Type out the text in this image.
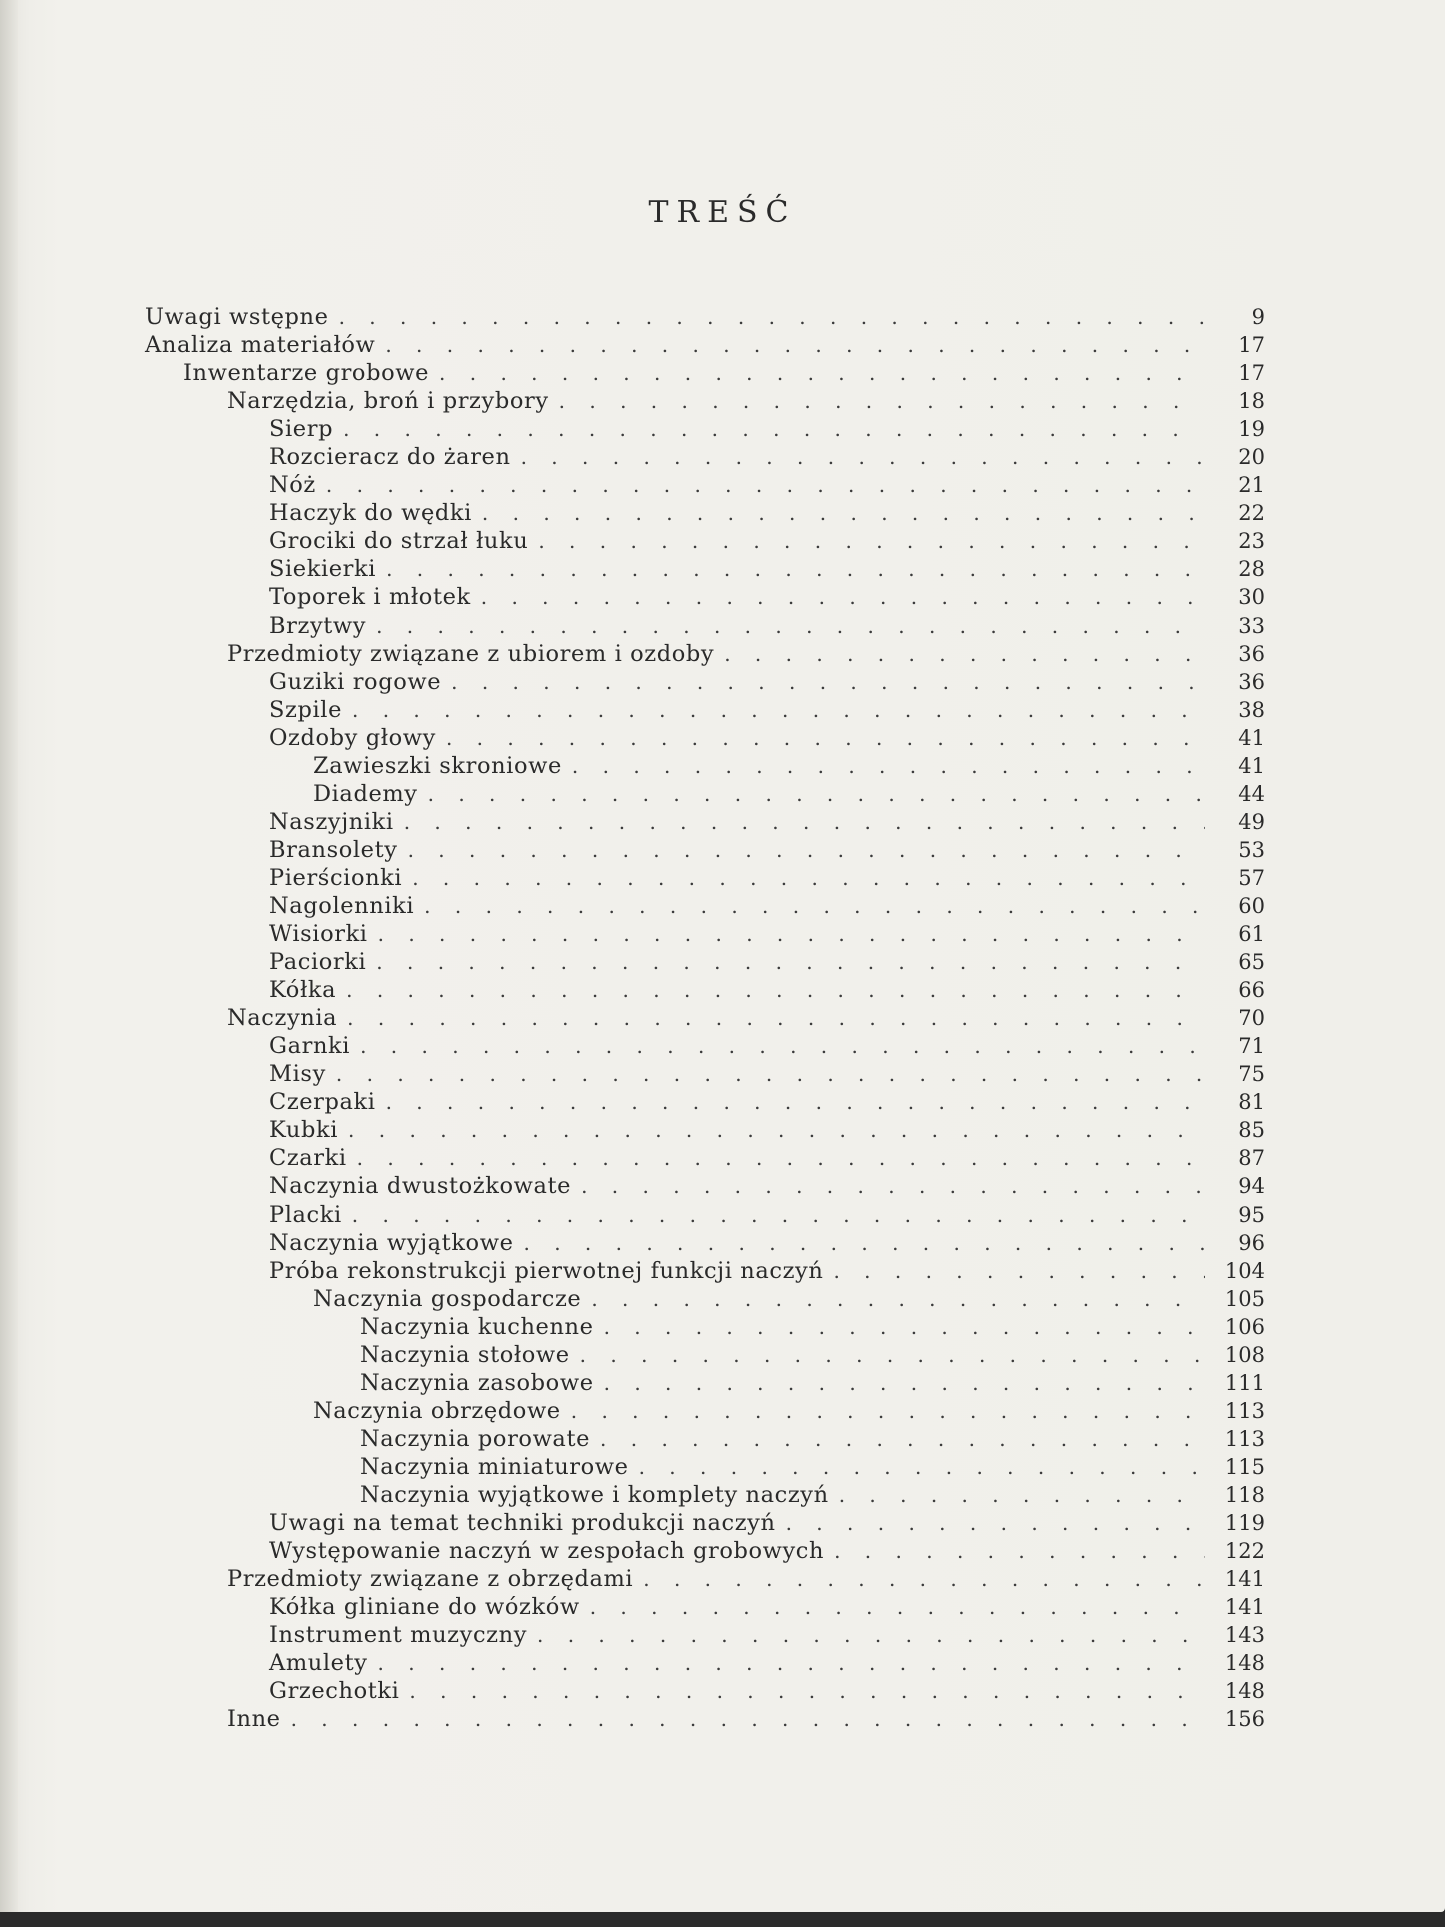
TREŚĆ
Uwagi wstępne . . .	9
Analiza materiałów . . .	17
Inwentarze grobowe . . .	17
Narzędzia, broń i przybory . . .	18
Sierp . . .	19
Rozcieracz do żaren . . .	20
Nóż . . .	21
Haczyk do wędki . . .	22
Grociki do strzał łuku . . .	23
Siekierki . . .	28
Toporek i młotek . . .	30
Brzytwy . . .	33
Przedmioty związane z ubiorem i ozdoby . . .	36
Guziki rogowe . . .	36
Szpile . . .	38
Ozdoby głowy . . .	41
Zawieszki skroniowe . . .	41
Diademy . . .	44
Naszyjniki . . .	49
Bransolety . . .	53
Pierścionki . . .	57
Nagolenniki . . .	60
Wisiorki . . .	61
Paciorki . . .	65
Kółka . . .	66
Naczynia . . .	70
Garnki . . .	71
Misy . . .	75
Czerpaki . . .	81
Kubki . . .	85
Czarki . . .	87
Naczynia dwustożkowate . . .	94
Placki . . .	95
Naczynia wyjątkowe . . .	96
Próba rekonstrukcji pierwotnej funkcji naczyń . . .	104
Naczynia gospodarcze . . .	105
Naczynia kuchenne . . .	106
Naczynia stołowe . . .	108
Naczynia zasobowe . . .	111
Naczynia obrzędowe . . .	113
Naczynia porowate . . .	113
Naczynia miniaturowe . . .	115
Naczynia wyjątkowe i komplety naczyń . . .	118
Uwagi na temat techniki produkcji naczyń . . .	119
Występowanie naczyń w zespołach grobowych . . .	122
Przedmioty związane z obrzędami . . .	141
Kółka gliniane do wózków . . .	141
Instrument muzyczny . . .	143
Amulety . . .	148
Grzechotki . . .	148
Inne . . .	156
